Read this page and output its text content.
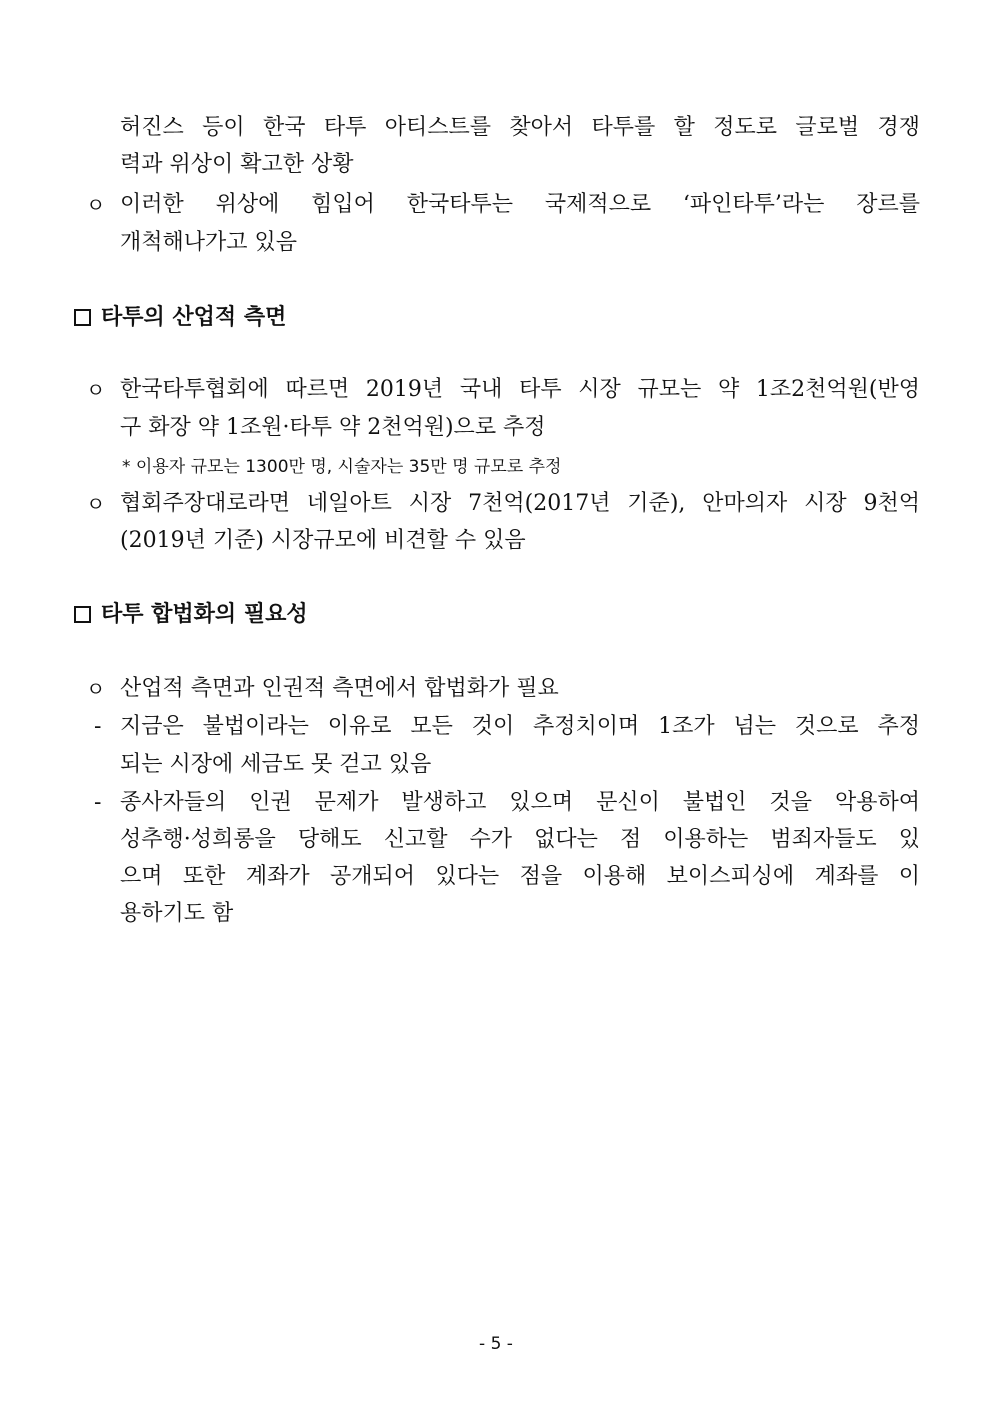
허진스 등이 한국 타투 아티스트를 찾아서 타투를 할 정도로 글로벌 경쟁
력과 위상이 확고한 상황
ㅇ 이러한 위상에 힘입어 한국타투는 국제적으로 ‘파인타투’라는 장르를
개척해나가고 있음
타투의 산업적 측면
ㅇ 한국타투협회에 따르면 2019년 국내 타투 시장 규모는 약 1조2천억원(반영
구 화장 약 1조원·타투 약 2천억원)으로 추정
* 이용자 규모는 1300만 명, 시술자는 35만 명 규모로 추정
ㅇ 협회주장대로라면 네일아트 시장 7천억(2017년 기준), 안마의자 시장 9천억
(2019년 기준) 시장규모에 비견할 수 있음
타투 합법화의 필요성
ㅇ 산업적 측면과 인권적 측면에서 합법화가 필요
- 지금은 불법이라는 이유로 모든 것이 추정치이며 1조가 넘는 것으로 추정
되는 시장에 세금도 못 걷고 있음
- 종사자들의 인권 문제가 발생하고 있으며 문신이 불법인 것을 악용하여
성추행·성희롱을 당해도 신고할 수가 없다는 점 이용하는 범죄자들도 있
으며 또한 계좌가 공개되어 있다는 점을 이용해 보이스피싱에 계좌를 이
용하기도 함
- 5 -
